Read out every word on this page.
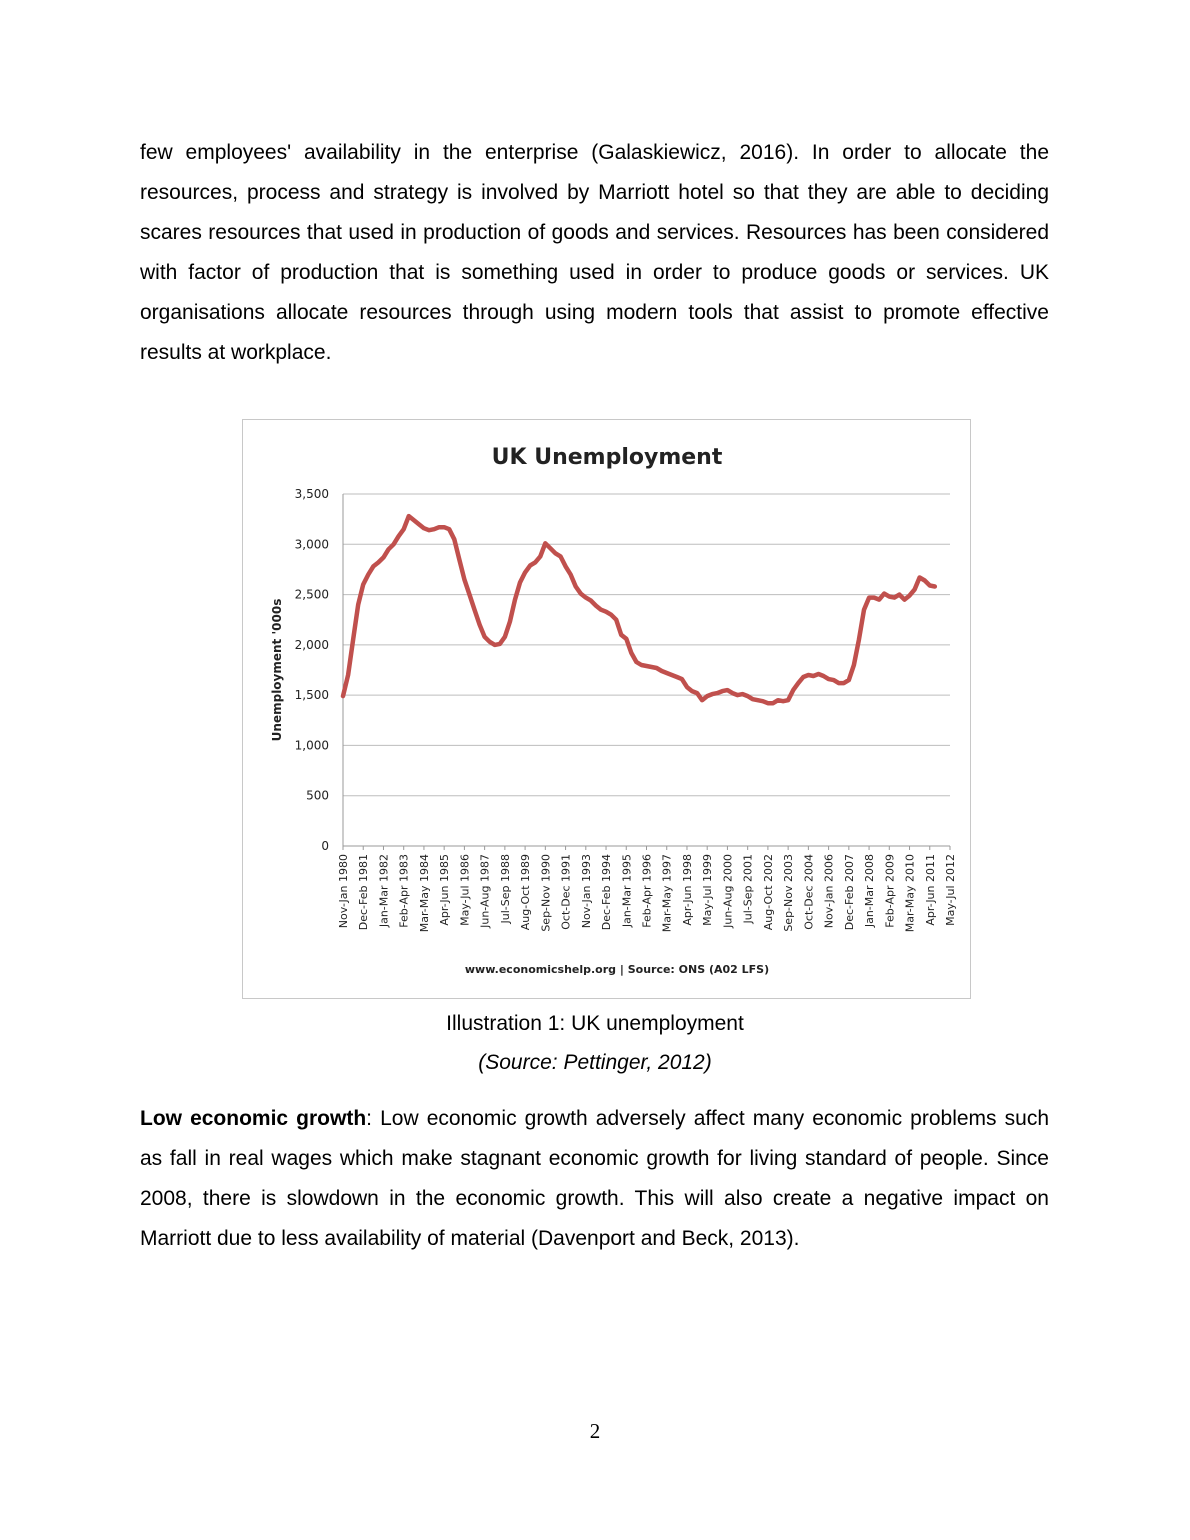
few employees' availability in the enterprise (Galaskiewicz, 2016). In order to allocate the resources, process and strategy is involved by Marriott hotel so that they are able to deciding scares resources that used in production of goods and services. Resources has been considered with factor of production that is something used in order to produce goods or services. UK organisations allocate resources through using modern tools that assist to promote effective results at workplace.

UK Unemployment
0
500
1,000
1,500
2,000
2,500
3,000
3,500
Nov-Jan 1980 Dec-Feb 1981 Jan-Mar 1982 Feb-Apr 1983 Mar-May 1984 Apr-Jun 1985 May-Jul 1986 Jun-Aug 1987 Jul-Sep 1988 Aug-Oct 1989 Sep-Nov 1990 Oct-Dec 1991 Nov-Jan 1993 Dec-Feb 1994 Jan-Mar 1995 Feb-Apr 1996 Mar-May 1997 Apr-Jun 1998 May-Jul 1999 Jun-Aug 2000 Jul-Sep 2001 Aug-Oct 2002 Sep-Nov 2003 Oct-Dec 2004 Nov-Jan 2006 Dec-Feb 2007 Jan-Mar 2008 Feb-Apr 2009 Mar-May 2010 Apr-Jun 2011 May-Jul 2012
Unemployment '000s
www.economicshelp.org | Source: ONS (A02 LFS)

Illustration 1: UK unemployment

(Source: Pettinger, 2012)

Low economic growth: Low economic growth adversely affect many economic problems such as fall in real wages which make stagnant economic growth for living standard of people. Since 2008, there is slowdown in the economic growth. This will also create a negative impact on Marriott due to less availability of material (Davenport and Beck, 2013).

2
